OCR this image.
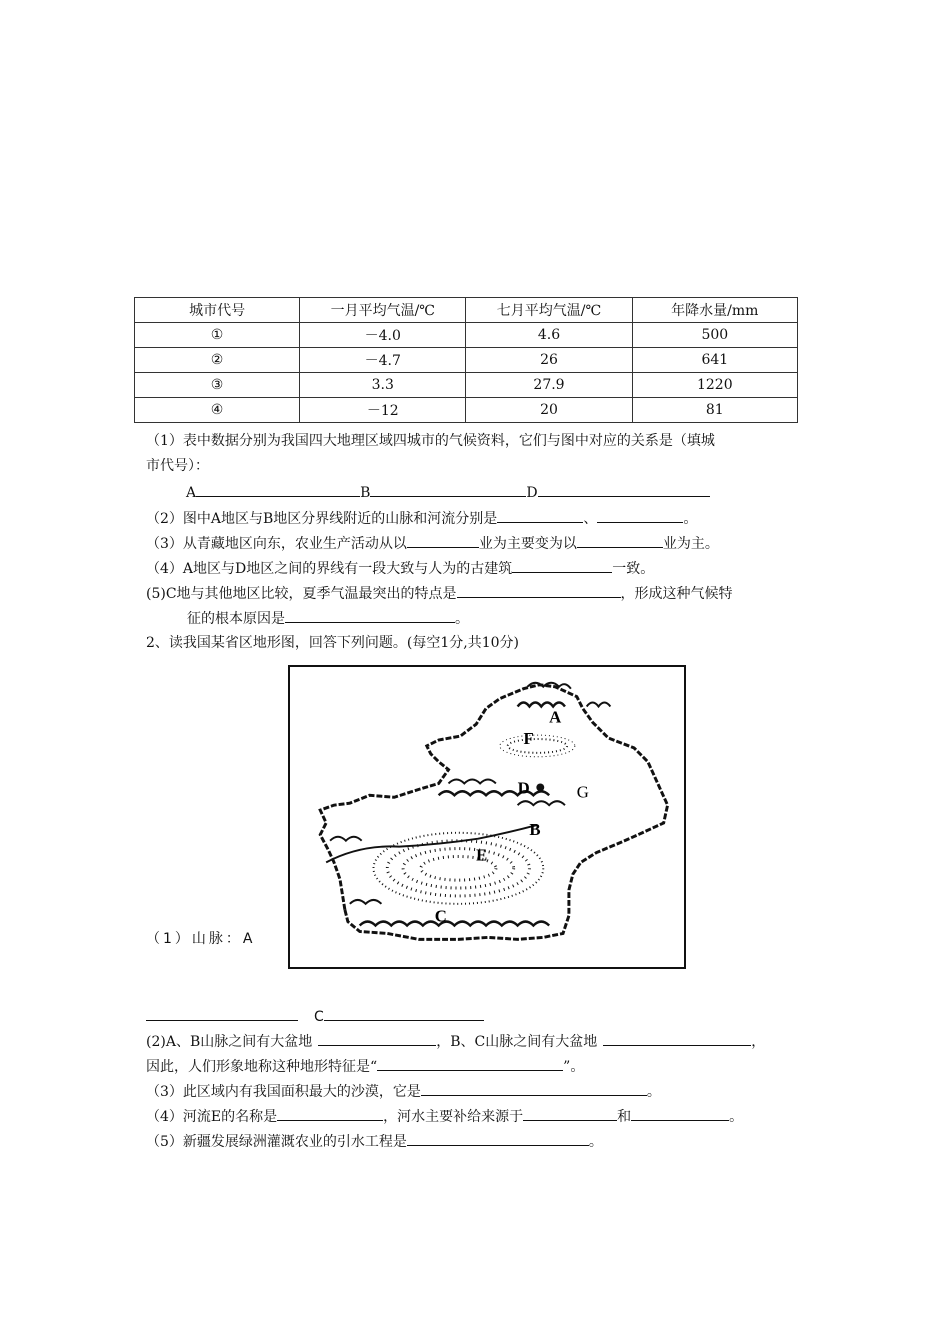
城市代号	一月平均气温/℃	七月平均气温/℃	年降水量/mm
①	－4.0	4.6	500
②	－4.7	26	641
③	3.3	27.9	1220
④	－12	20	81
（1）表中数据分别为我国四大地理区域四城市的气候资料，它们与图中对应的关系是（填城
市代号）：
A	B	D
（2）图中A地区与B地区分界线附近的山脉和河流分别是	、	。
（3）从青藏地区向东，农业生产活动从以	业为主要变为以	业为主。
（4）A地区与D地区之间的界线有一段大致与人为的古建筑	一致。
(5)C地与其他地区比较，夏季气温最突出的特点是	，形成这种气候特
征的根本原因是	。
2、读我国某省区地形图，回答下列问题。(每空1分,共10分)
A
F
D	G
B
E
C
（1）山脉：A
C
(2)A、B山脉之间有大盆地	，B、C山脉之间有大盆地	，
因此，人们形象地称这种地形特征是“	”。
（3）此区域内有我国面积最大的沙漠，它是	。
（4）河流E的名称是	，河水主要补给来源于	和	。
（5）新疆发展绿洲灌溉农业的引水工程是	。
